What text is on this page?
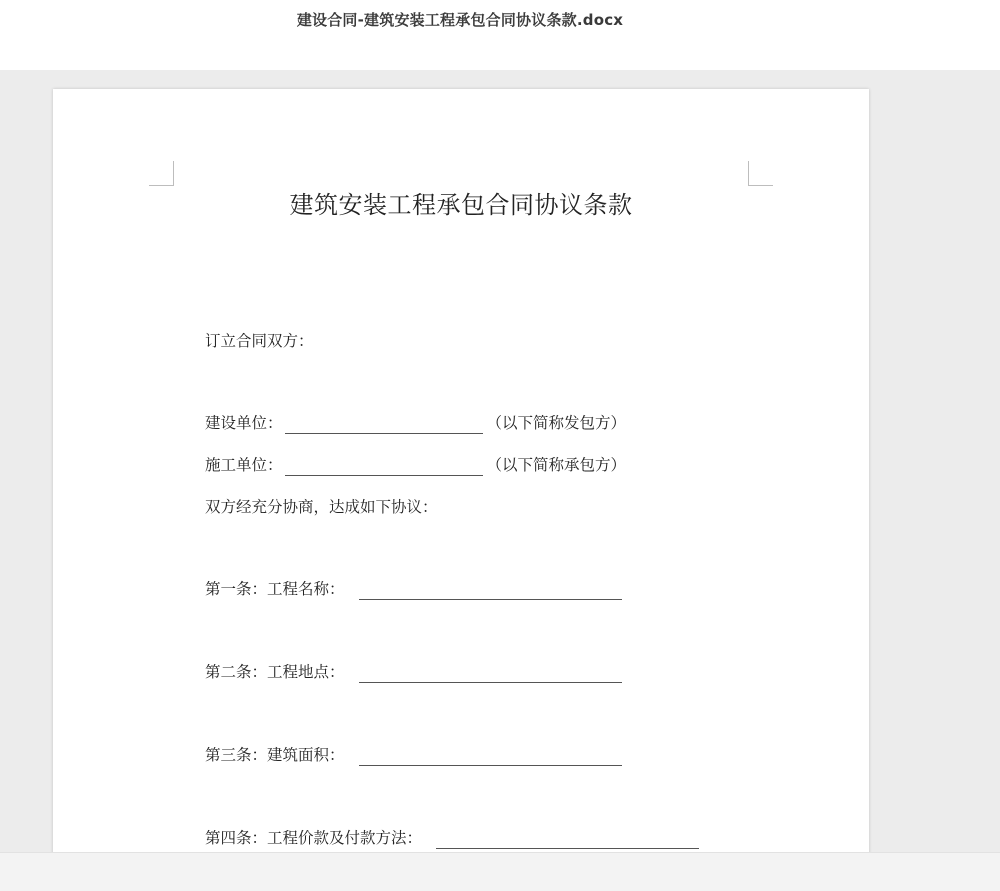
建设合同-建筑安装工程承包合同协议条款.docx
建筑安装工程承包合同协议条款
订立合同双方：
建设单位：	（以下简称发包方）
施工单位：	（以下简称承包方）
双方经充分协商，达成如下协议：
第一条：工程名称：
第二条：工程地点：
第三条：建筑面积：
第四条：工程价款及付款方法：
